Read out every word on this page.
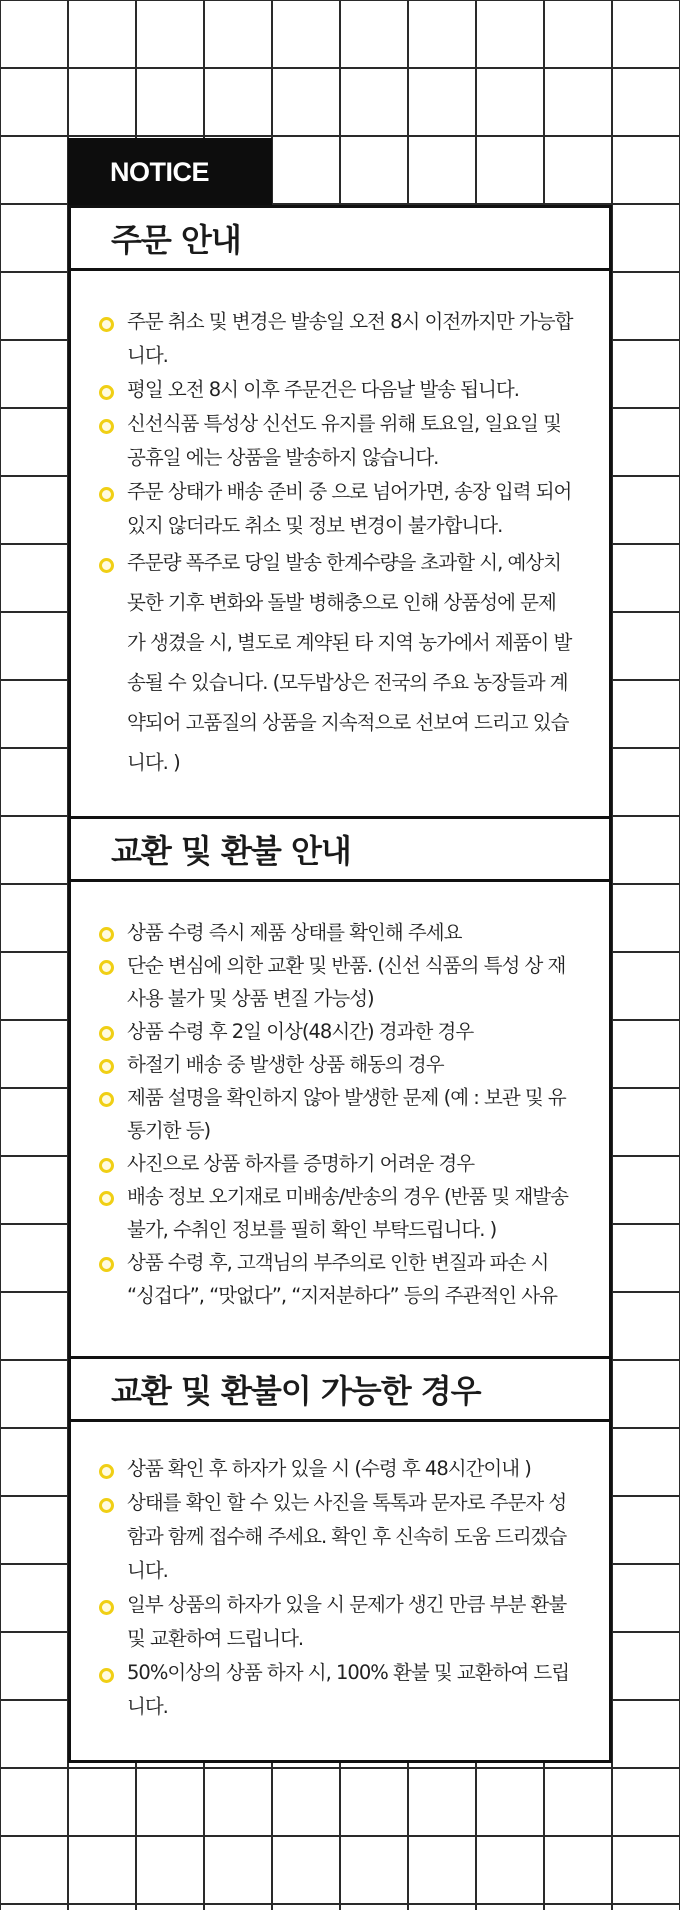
NOTICE
주문 안내
주문 취소 및 변경은 발송일 오전 8시 이전까지만 가능합니다.
평일 오전 8시 이후 주문건은 다음날 발송 됩니다.
신선식품 특성상 신선도 유지를 위해 토요일, 일요일 및 공휴일 에는 상품을 발송하지 않습니다.
주문 상태가 배송 준비 중 으로 넘어가면, 송장 입력 되어 있지 않더라도 취소 및 정보 변경이 불가합니다.
주문량 폭주로 당일 발송 한계수량을 초과할 시, 예상치 못한 기후 변화와 돌발 병해충으로 인해 상품성에 문제가 생겼을 시, 별도로 계약된 타 지역 농가에서 제품이 발송될 수 있습니다. (모두밥상은 전국의 주요 농장들과 계약되어 고품질의 상품을 지속적으로 선보여 드리고 있습니다. )
교환 및 환불 안내
상품 수령 즉시 제품 상태를 확인해 주세요
단순 변심에 의한 교환 및 반품. (신선 식품의 특성 상 재사용 불가 및 상품 변질 가능성)
상품 수령 후 2일 이상(48시간) 경과한 경우
하절기 배송 중 발생한 상품 해동의 경우
제품 설명을 확인하지 않아 발생한 문제 (예 : 보관 및 유통기한 등)
사진으로 상품 하자를 증명하기 어려운 경우
배송 정보 오기재로 미배송/반송의 경우 (반품 및 재발송 불가, 수취인 정보를 필히 확인 부탁드립니다. )
상품 수령 후, 고객님의 부주의로 인한 변질과 파손 시 “싱겁다”, “맛없다”, “지저분하다” 등의 주관적인 사유
교환 및 환불이 가능한 경우
상품 확인 후 하자가 있을 시 (수령 후 48시간이내 )
상태를 확인 할 수 있는 사진을 톡톡과 문자로 주문자 성함과 함께 접수해 주세요. 확인 후 신속히 도움 드리겠습니다.
일부 상품의 하자가 있을 시 문제가 생긴 만큼 부분 환불 및 교환하여 드립니다.
50%이상의 상품 하자 시, 100% 환불 및 교환하여 드립니다.
